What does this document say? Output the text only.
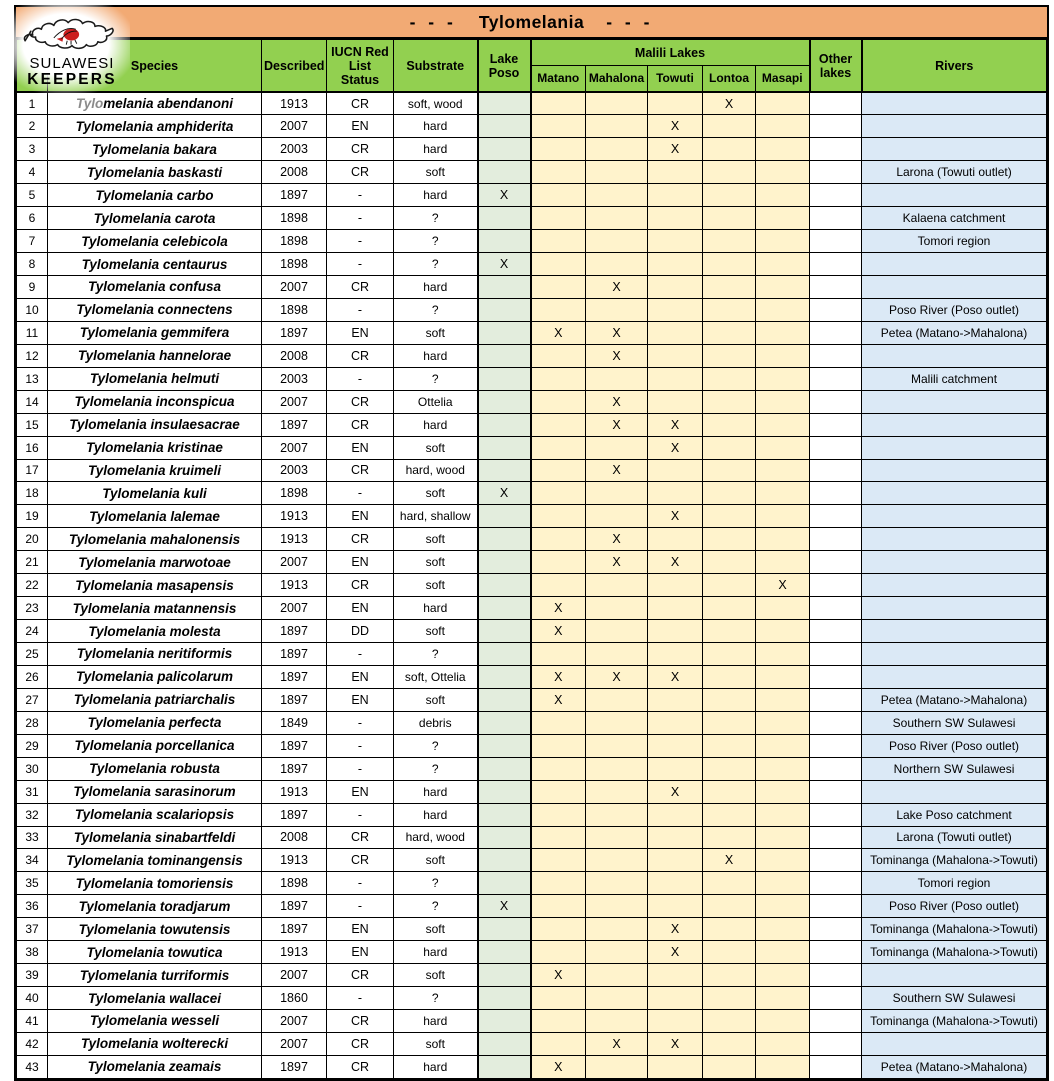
- - - Tylomelania - - -
SULAWESI
KEEPERS
	Species	Described	IUCN Red List Status	Substrate	Lake Poso	Malili Lakes					Other lakes	Rivers
						Matano	Mahalona	Towuti	Lontoa	Masapi		
1	Tylomelania abendanoni	1913	CR	soft, wood					X			
2	Tylomelania amphiderita	2007	EN	hard				X				
3	Tylomelania bakara	2003	CR	hard				X				
4	Tylomelania baskasti	2008	CR	soft								Larona (Towuti outlet)
5	Tylomelania carbo	1897	-	hard	X							
6	Tylomelania carota	1898	-	?								Kalaena catchment
7	Tylomelania celebicola	1898	-	?								Tomori region
8	Tylomelania centaurus	1898	-	?	X							
9	Tylomelania confusa	2007	CR	hard			X					
10	Tylomelania connectens	1898	-	?								Poso River (Poso outlet)
11	Tylomelania gemmifera	1897	EN	soft		X	X					Petea (Matano->Mahalona)
12	Tylomelania hannelorae	2008	CR	hard			X					
13	Tylomelania helmuti	2003	-	?								Malili catchment
14	Tylomelania inconspicua	2007	CR	Ottelia			X					
15	Tylomelania insulaesacrae	1897	CR	hard			X	X				
16	Tylomelania kristinae	2007	EN	soft				X				
17	Tylomelania kruimeli	2003	CR	hard, wood			X					
18	Tylomelania kuli	1898	-	soft	X							
19	Tylomelania lalemae	1913	EN	hard, shallow				X				
20	Tylomelania mahalonensis	1913	CR	soft			X					
21	Tylomelania marwotoae	2007	EN	soft			X	X				
22	Tylomelania masapensis	1913	CR	soft						X		
23	Tylomelania matannensis	2007	EN	hard		X						
24	Tylomelania molesta	1897	DD	soft		X						
25	Tylomelania neritiformis	1897	-	?								
26	Tylomelania palicolarum	1897	EN	soft, Ottelia		X	X	X				
27	Tylomelania patriarchalis	1897	EN	soft		X						Petea (Matano->Mahalona)
28	Tylomelania perfecta	1849	-	debris								Southern SW Sulawesi
29	Tylomelania porcellanica	1897	-	?								Poso River (Poso outlet)
30	Tylomelania robusta	1897	-	?								Northern SW Sulawesi
31	Tylomelania sarasinorum	1913	EN	hard				X				
32	Tylomelania scalariopsis	1897	-	hard								Lake Poso catchment
33	Tylomelania sinabartfeldi	2008	CR	hard, wood								Larona (Towuti outlet)
34	Tylomelania tominangensis	1913	CR	soft					X			Tominanga (Mahalona->Towuti)
35	Tylomelania tomoriensis	1898	-	?								Tomori region
36	Tylomelania toradjarum	1897	-	?	X							Poso River (Poso outlet)
37	Tylomelania towutensis	1897	EN	soft				X				Tominanga (Mahalona->Towuti)
38	Tylomelania towutica	1913	EN	hard				X				Tominanga (Mahalona->Towuti)
39	Tylomelania turriformis	2007	CR	soft		X						
40	Tylomelania wallacei	1860	-	?								Southern SW Sulawesi
41	Tylomelania wesseli	2007	CR	hard								Tominanga (Mahalona->Towuti)
42	Tylomelania wolterecki	2007	CR	soft			X	X				
43	Tylomelania zeamais	1897	CR	hard		X						Petea (Matano->Mahalona)
